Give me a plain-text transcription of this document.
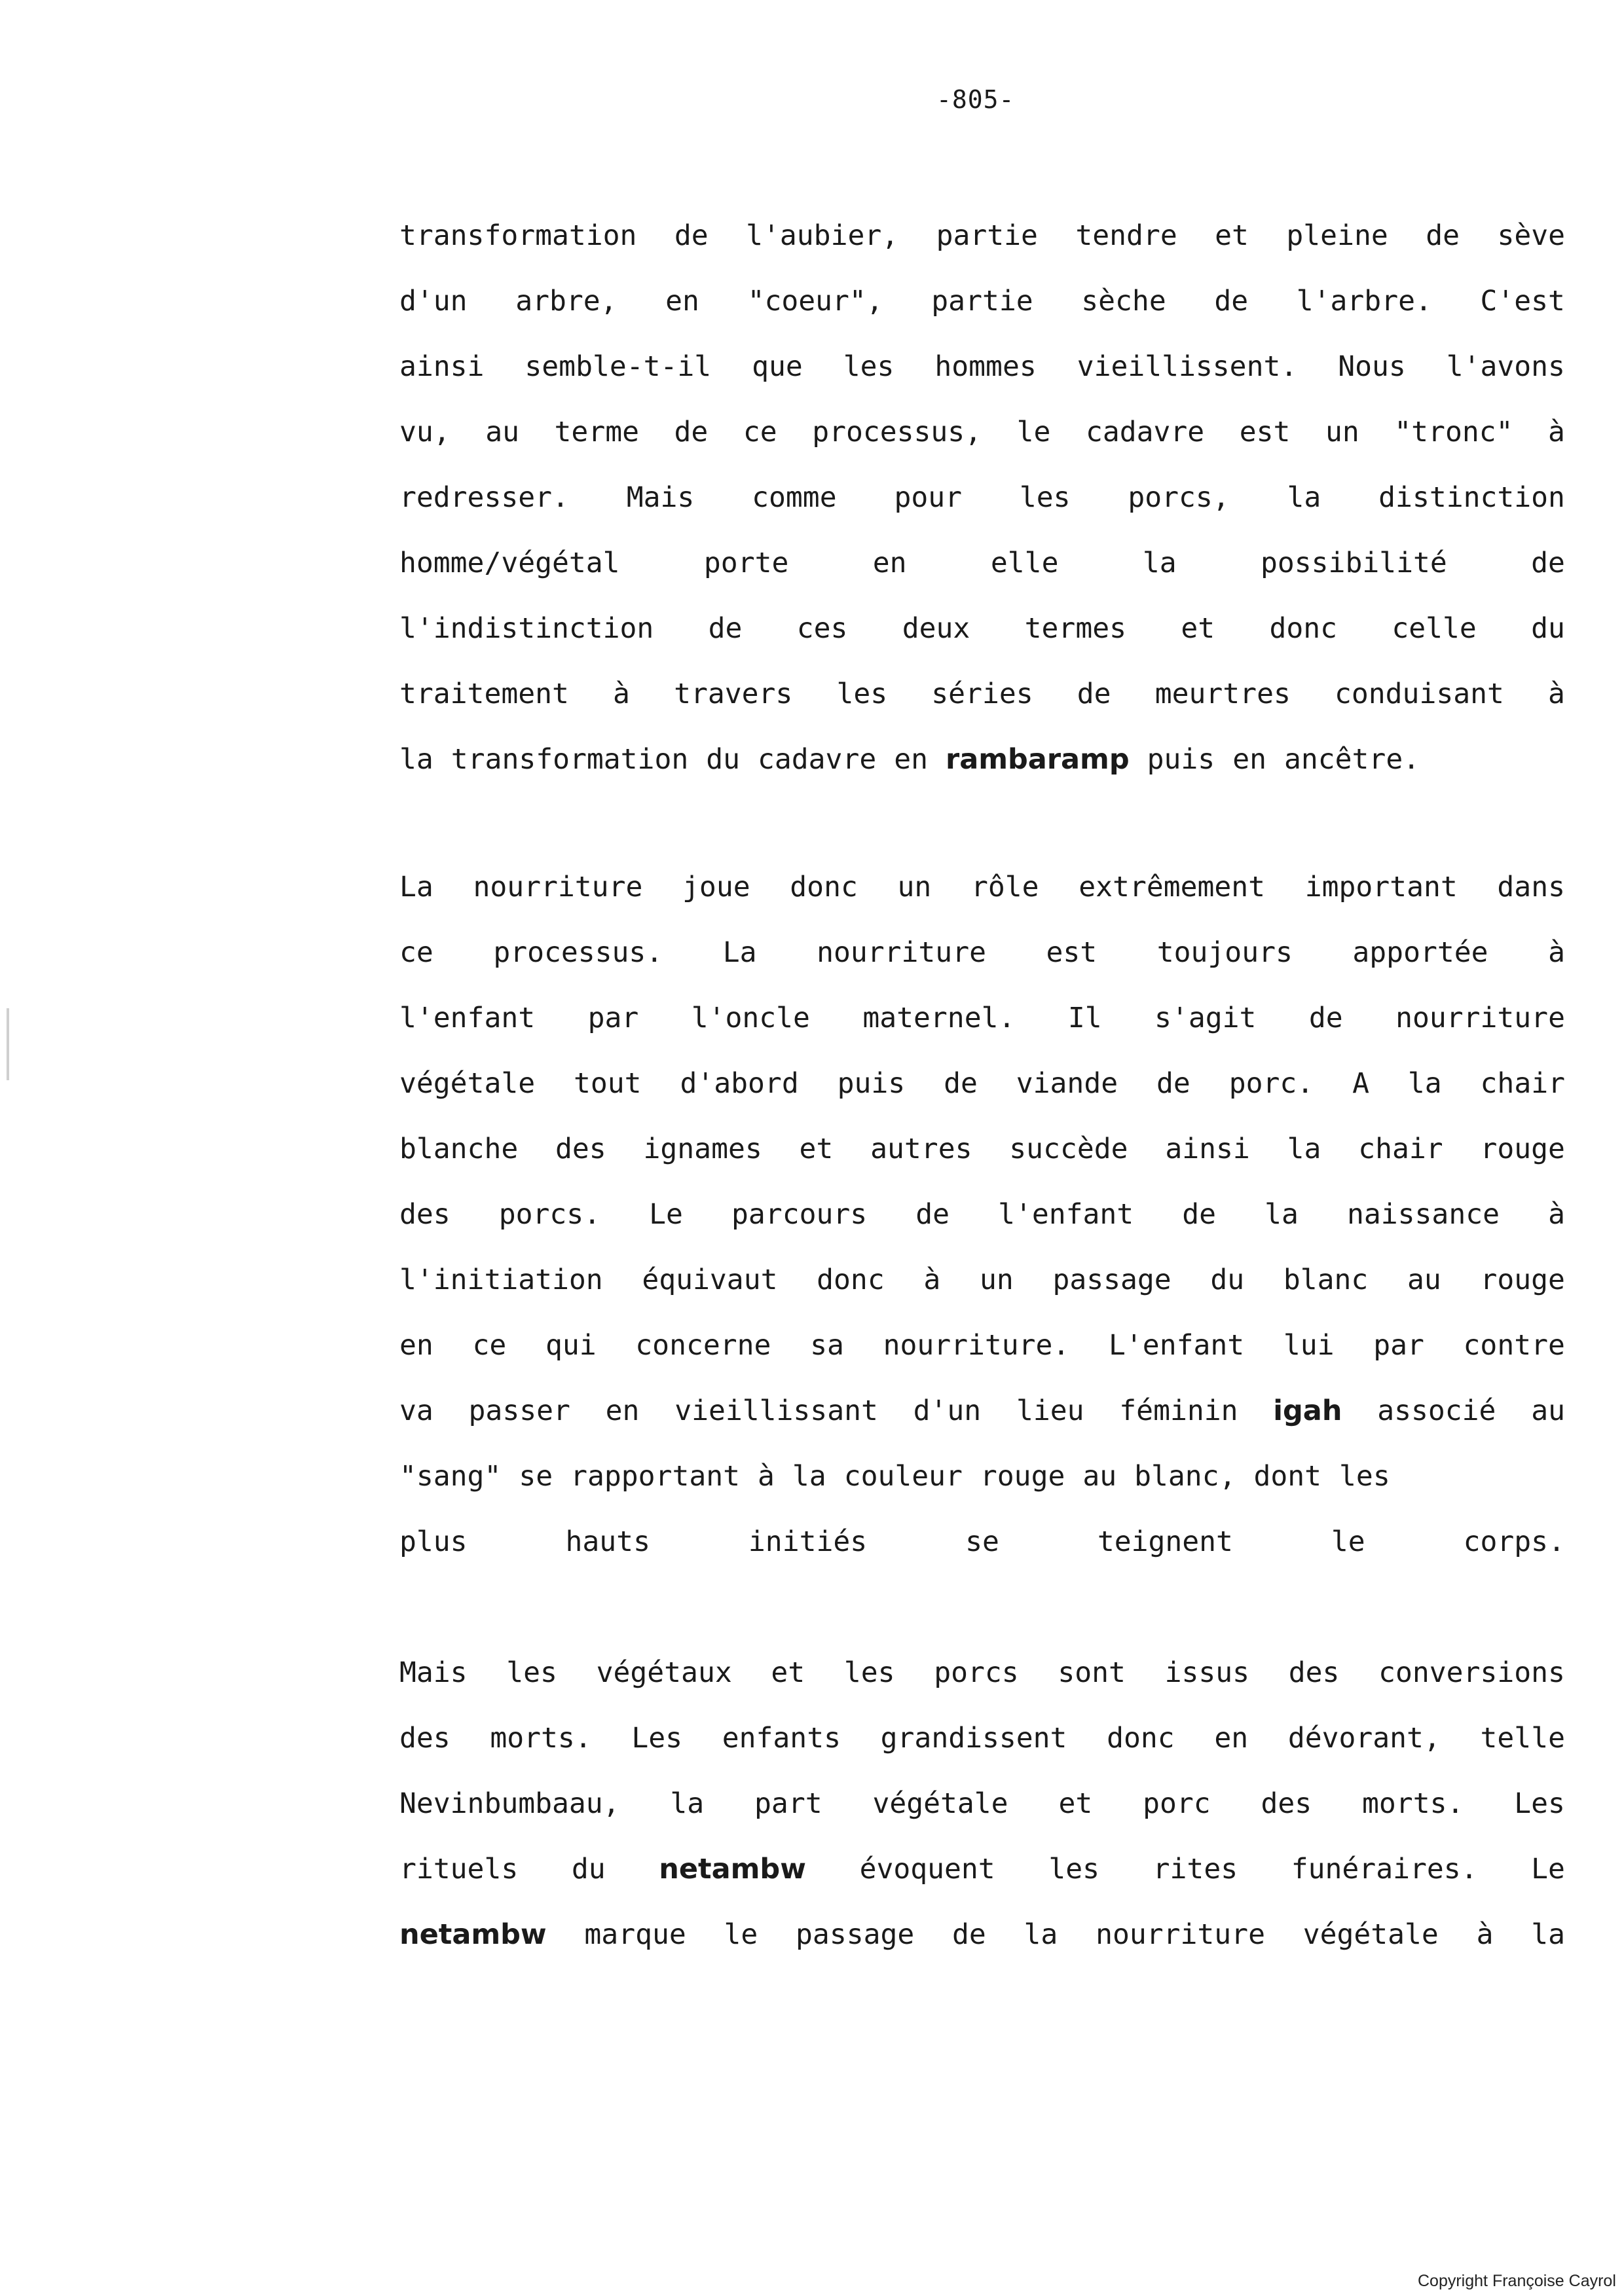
-805-
transformation de l'aubier, partie tendre et pleine de sève
d'un arbre, en "coeur", partie sèche de l'arbre. C'est
ainsi semble-t-il que les hommes vieillissent. Nous l'avons
vu, au terme de ce processus, le cadavre est un "tronc" à
redresser. Mais comme pour les porcs, la distinction
homme/végétal	porte	en	elle	la	possibilité	de
l'indistinction de ces deux termes et donc celle du
traitement à travers les séries de meurtres conduisant à
la transformation du cadavre en rambaramp puis en ancêtre.
La nourriture joue donc un rôle extrêmement important dans
ce processus. La nourriture est toujours apportée à
l'enfant par l'oncle maternel. Il s'agit de nourriture
végétale tout d'abord puis de viande de porc. A la chair
blanche des ignames et autres succède ainsi la chair rouge
des porcs. Le parcours de l'enfant de la naissance à
l'initiation équivaut donc à un passage du blanc au rouge
en ce qui concerne sa nourriture. L'enfant lui par contre
va passer en vieillissant d'un lieu féminin igah associé au
"sang" se rapportant à la couleur rouge au blanc, dont les
plus	hauts	initiés	se	teignent	le	corps.
Mais les végétaux et les porcs sont issus des conversions
des morts. Les enfants grandissent donc en dévorant, telle
Nevinbumbaau, la part végétale et porc des morts. Les
rituels du netambw évoquent les rites funéraires. Le
netambw marque le passage de la nourriture végétale à la
Copyright Françoise Cayrol
